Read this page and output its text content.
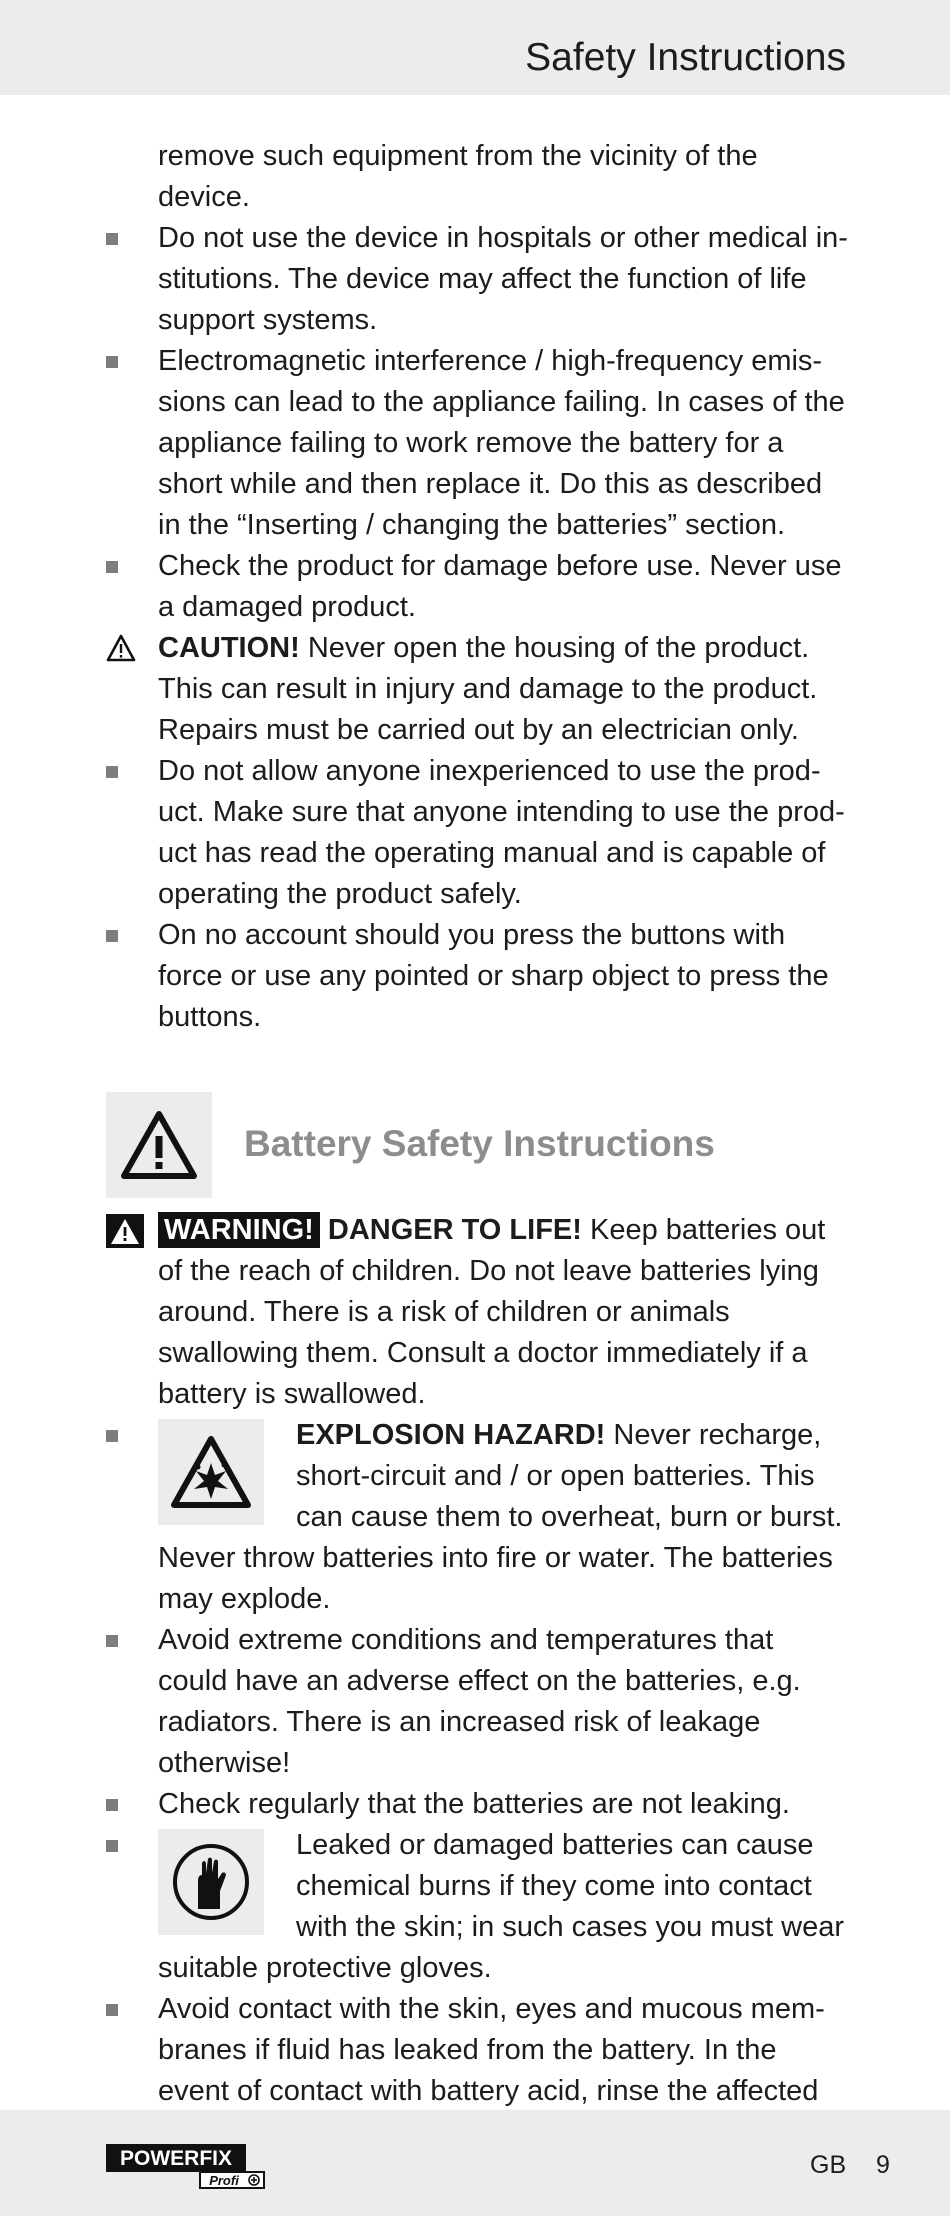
Safety Instructions

remove such equipment from the vicinity of the device.

Do not use the device in hospitals or other medical in-stitutions. The device may affect the function of life support systems.

Electromagnetic interference / high-frequency emis-sions can lead to the appliance failing. In cases of the appliance failing to work remove the battery for a short while and then replace it. Do this as described in the “Inserting / changing the batteries” section.

Check the product for damage before use. Never use a damaged product.

CAUTION! Never open the housing of the product. This can result in injury and damage to the product. Repairs must be carried out by an electrician only.

Do not allow anyone inexperienced to use the prod-uct. Make sure that anyone intending to use the prod-uct has read the operating manual and is capable of operating the product safely.

On no account should you press the buttons with force or use any pointed or sharp object to press the buttons.

Battery Safety Instructions

WARNING! DANGER TO LIFE! Keep batteries out of the reach of children. Do not leave batteries lying around. There is a risk of children or animals swallowing them. Consult a doctor immediately if a battery is swallowed.

EXPLOSION HAZARD! Never recharge, short-circuit and / or open batteries. This can cause them to overheat, burn or burst. Never throw batteries into fire or water. The batteries may explode.

Avoid extreme conditions and temperatures that could have an adverse effect on the batteries, e.g. radiators. There is an increased risk of leakage otherwise!

Check regularly that the batteries are not leaking.

Leaked or damaged batteries can cause chemical burns if they come into contact with the skin; in such cases you must wear suitable protective gloves.

Avoid contact with the skin, eyes and mucous mem-branes if fluid has leaked from the battery. In the event of contact with battery acid, rinse the affected

POWERFIX
Profi
GB 9
